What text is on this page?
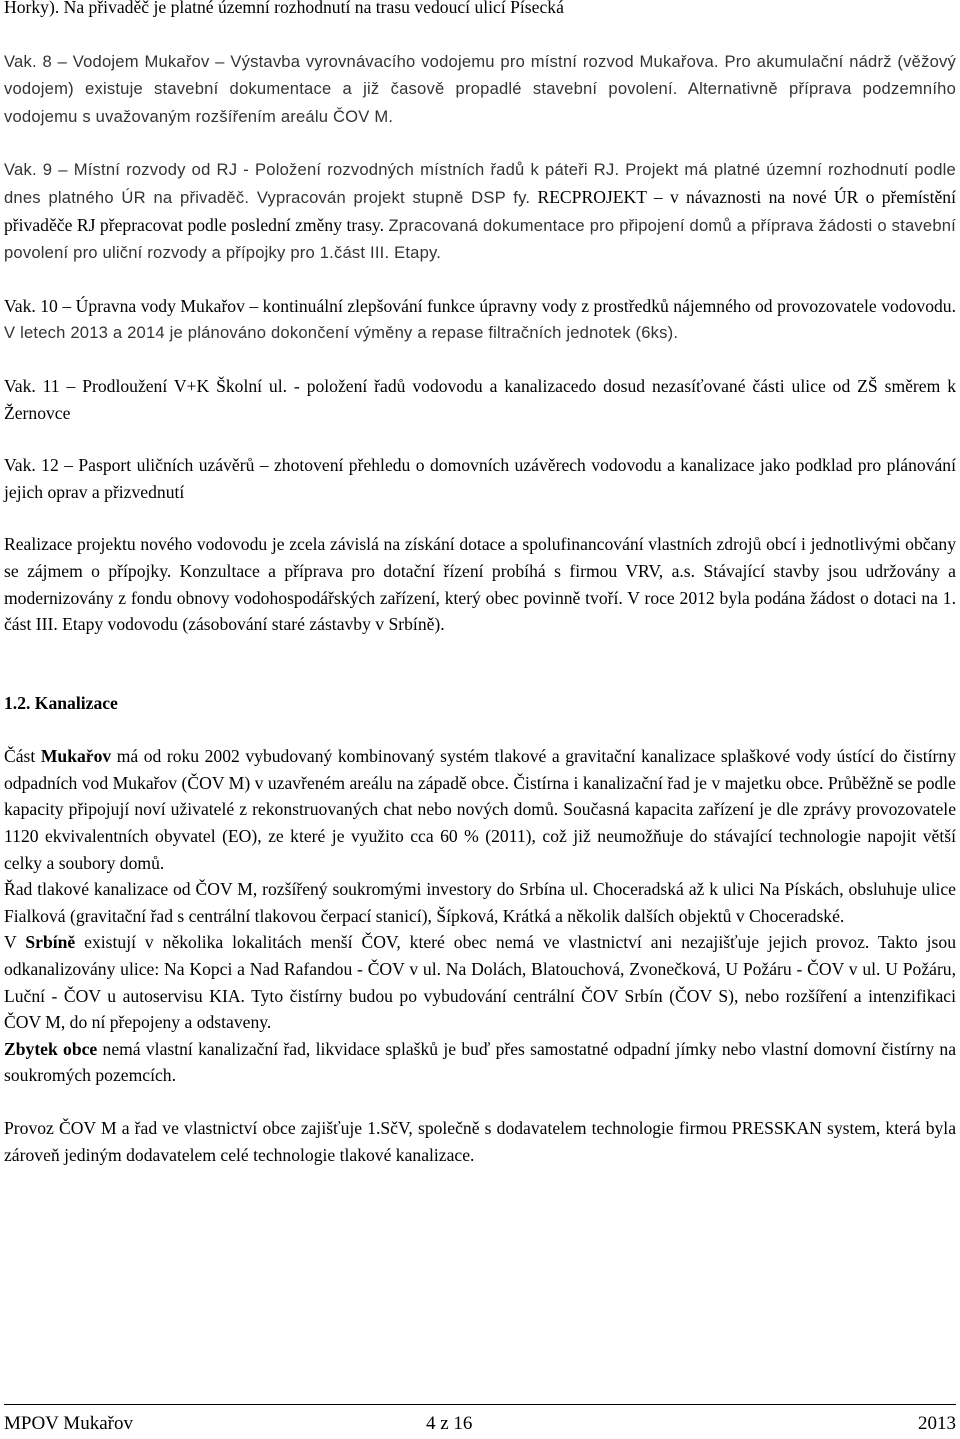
Horky). Na přivaděč je platné územní rozhodnutí na trasu vedoucí ulicí Písecká

Vak. 8 – Vodojem Mukařov – Výstavba vyrovnávacího vodojemu pro místní rozvod Mukařova. Pro akumulační nádrž (věžový vodojem) existuje stavební dokumentace a již časově propadlé stavební povolení. Alternativně příprava podzemního vodojemu s uvažovaným rozšířením areálu ČOV M.

Vak. 9 – Místní rozvody od RJ - Položení rozvodných místních řadů k páteři RJ. Projekt má platné územní rozhodnutí podle dnes platného ÚR na přivaděč. Vypracován projekt stupně DSP fy. RECPROJEKT – v návaznosti na nové ÚR o přemístění přivaděče RJ přepracovat podle poslední změny trasy. Zpracovaná dokumentace pro připojení domů a příprava žádosti o stavební povolení pro uliční rozvody a přípojky pro 1.část III. Etapy.

Vak. 10 – Úpravna vody Mukařov – kontinuální zlepšování funkce úpravny vody z prostředků nájemného od provozovatele vodovodu. V letech 2013 a 2014 je plánováno dokončení výměny a repase filtračních jednotek (6ks).

Vak. 11 – Prodloužení V+K Školní ul. - položení řadů vodovodu a kanalizacedo dosud nezasíťované části ulice od ZŠ směrem k Žernovce

Vak. 12 – Pasport uličních uzávěrů – zhotovení přehledu o domovních uzávěrech vodovodu a kanalizace jako podklad pro plánování jejich oprav a přizvednutí

Realizace projektu nového vodovodu je zcela závislá na získání dotace a spolufinancování vlastních zdrojů obcí i jednotlivými občany se zájmem o přípojky. Konzultace a příprava pro dotační řízení probíhá s firmou VRV, a.s. Stávající stavby jsou udržovány a modernizovány z fondu obnovy vodohospodářských zařízení, který obec povinně tvoří. V roce 2012 byla podána žádost o dotaci na 1. část III. Etapy vodovodu (zásobování staré zástavby v Srbíně).

1.2. Kanalizace

Část Mukařov má od roku 2002 vybudovaný kombinovaný systém tlakové a gravitační kanalizace splaškové vody ústící do čistírny odpadních vod Mukařov (ČOV M) v uzavřeném areálu na západě obce. Čistírna i kanalizační řad je v majetku obce. Průběžně se podle kapacity připojují noví uživatelé z rekonstruovaných chat nebo nových domů. Současná kapacita zařízení je dle zprávy provozovatele 1120 ekvivalentních obyvatel (EO), ze které je využito cca 60 % (2011), což již neumožňuje do stávající technologie napojit větší celky a soubory domů.

Řad tlakové kanalizace od ČOV M, rozšířený soukromými investory do Srbína ul. Choceradská až k ulici Na Pískách, obsluhuje ulice Fialková (gravitační řad s centrální tlakovou čerpací stanicí), Šípková, Krátká a několik dalších objektů v Choceradské.

V Srbíně existují v několika lokalitách menší ČOV, které obec nemá ve vlastnictví ani nezajišťuje jejich provoz. Takto jsou odkanalizovány ulice: Na Kopci a Nad Rafandou - ČOV v ul. Na Dolách, Blatouchová, Zvonečková, U Požáru - ČOV v ul. U Požáru, Luční - ČOV u autoservisu KIA. Tyto čistírny budou po vybudování centrální ČOV Srbín (ČOV S), nebo rozšíření a intenzifikaci ČOV M, do ní přepojeny a odstaveny.

Zbytek obce nemá vlastní kanalizační řad, likvidace splašků je buď přes samostatné odpadní jímky nebo vlastní domovní čistírny na soukromých pozemcích.

Provoz ČOV M a řad ve vlastnictví obce zajišťuje 1.SčV, společně s dodavatelem technologie firmou PRESSKAN system, která byla zároveň jediným dodavatelem celé technologie tlakové kanalizace.

MPOV Mukařov	4 z 16	2013
